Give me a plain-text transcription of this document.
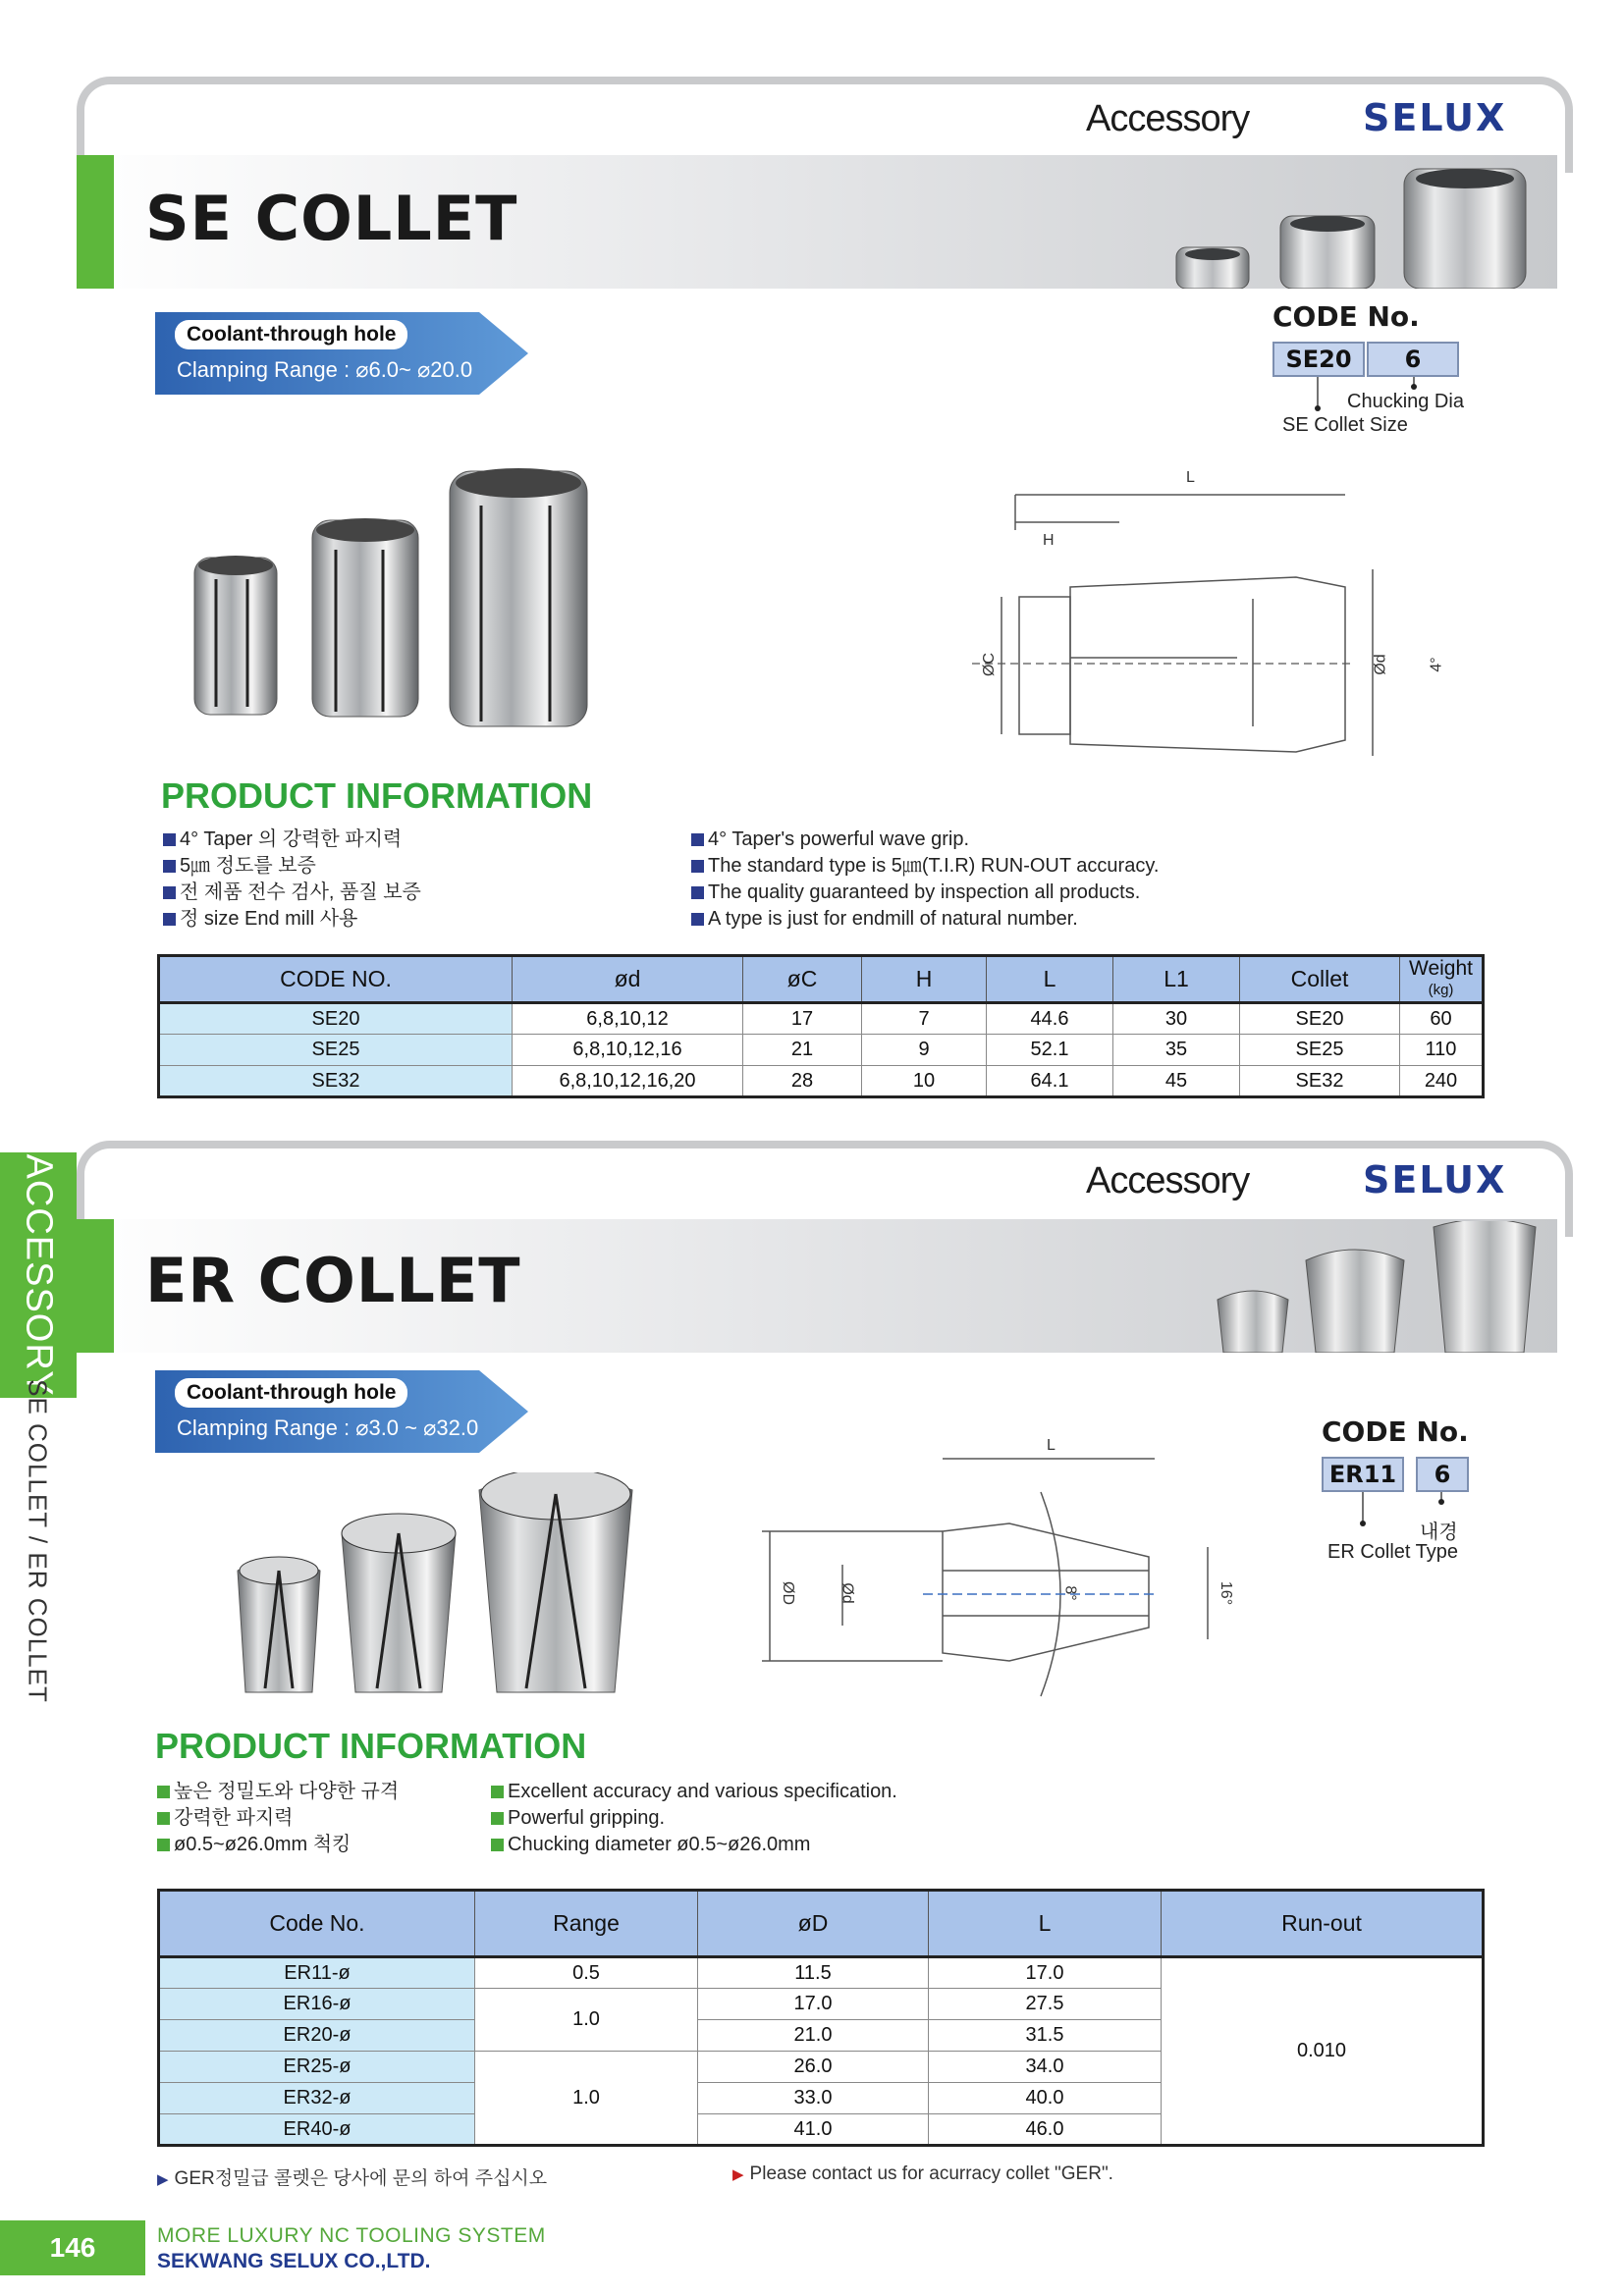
Accessory	SELUX
SE COLLET
Coolant-through hole
Clamping Range : ⌀6.0~ ⌀20.0
CODE No.
SE20	6
Chucking Dia
SE Collet Size
L
H
ØC	Ød 4°
PRODUCT INFORMATION
4° Taper 의 강력한 파지력
5㎛ 정도를 보증
전 제품 전수 검사, 품질 보증
정 size End mill 사용
4° Taper's powerful wave grip.
The standard type is 5㎛(T.I.R) RUN-OUT accuracy.
The quality guaranteed by inspection all products.
A type is just for endmill of natural number.
CODE NO.	ød	øC	H	L	L1	Collet	Weight
(kg)
SE20	6,8,10,12	17	7	44.6	30	SE20	60
SE25	6,8,10,12,16	21	9	52.1	35	SE25	110
SE32	6,8,10,12,16,20	28	10	64.1	45	SE32	240
ACCESSORY
SE COLLET / ER COLLET
Accessory	SELUX
ER COLLET
Coolant-through hole
Clamping Range : ⌀3.0 ~ ⌀32.0	CODE No.
ER11	6
내경
ER Collet Type
L
ØD	Ød	8°	16°
PRODUCT INFORMATION
높은 정밀도와 다양한 규격
강력한 파지력
ø0.5~ø26.0mm 척킹
Excellent accuracy and various specification.
Powerful gripping.
Chucking diameter ø0.5~ø26.0mm
Code No.	Range	øD	L	Run-out
ER11-ø	0.5	11.5	17.0	0.010
ER16-ø	1.0	17.0	27.5	
ER20-ø		21.0	31.5	
ER25-ø	1.0	26.0	34.0	
ER32-ø		33.0	40.0	
ER40-ø		41.0	46.0	
▶ GER정밀급 콜렛은 당사에 문의 하여 주십시오	▶ Please contact us for acurracy collet "GER".
146	MORE LUXURY NC TOOLING SYSTEM
SEKWANG SELUX CO.,LTD.
